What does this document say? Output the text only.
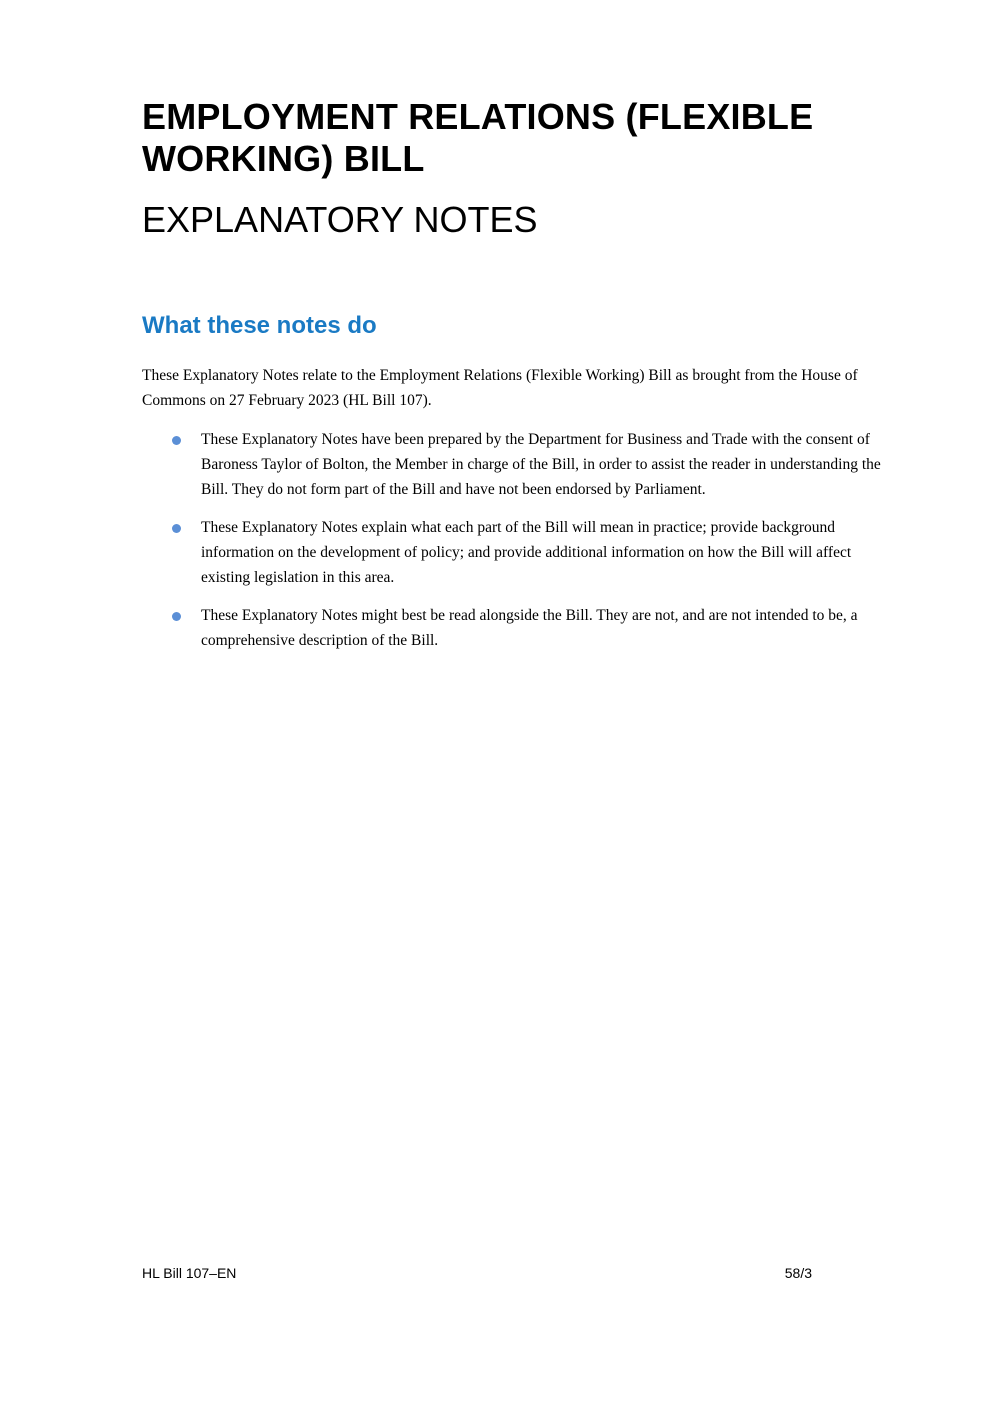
EMPLOYMENT RELATIONS (FLEXIBLE WORKING) BILL
EXPLANATORY NOTES
What these notes do

These Explanatory Notes relate to the Employment Relations (Flexible Working) Bill as brought from the House of Commons on 27 February 2023 (HL Bill 107).

These Explanatory Notes have been prepared by the Department for Business and Trade with the consent of Baroness Taylor of Bolton, the Member in charge of the Bill, in order to assist the reader in understanding the Bill. They do not form part of the Bill and have not been endorsed by Parliament.
These Explanatory Notes explain what each part of the Bill will mean in practice; provide background information on the development of policy; and provide additional information on how the Bill will affect existing legislation in this area.
These Explanatory Notes might best be read alongside the Bill. They are not, and are not intended to be, a comprehensive description of the Bill.
HL Bill 107–EN	58/3
